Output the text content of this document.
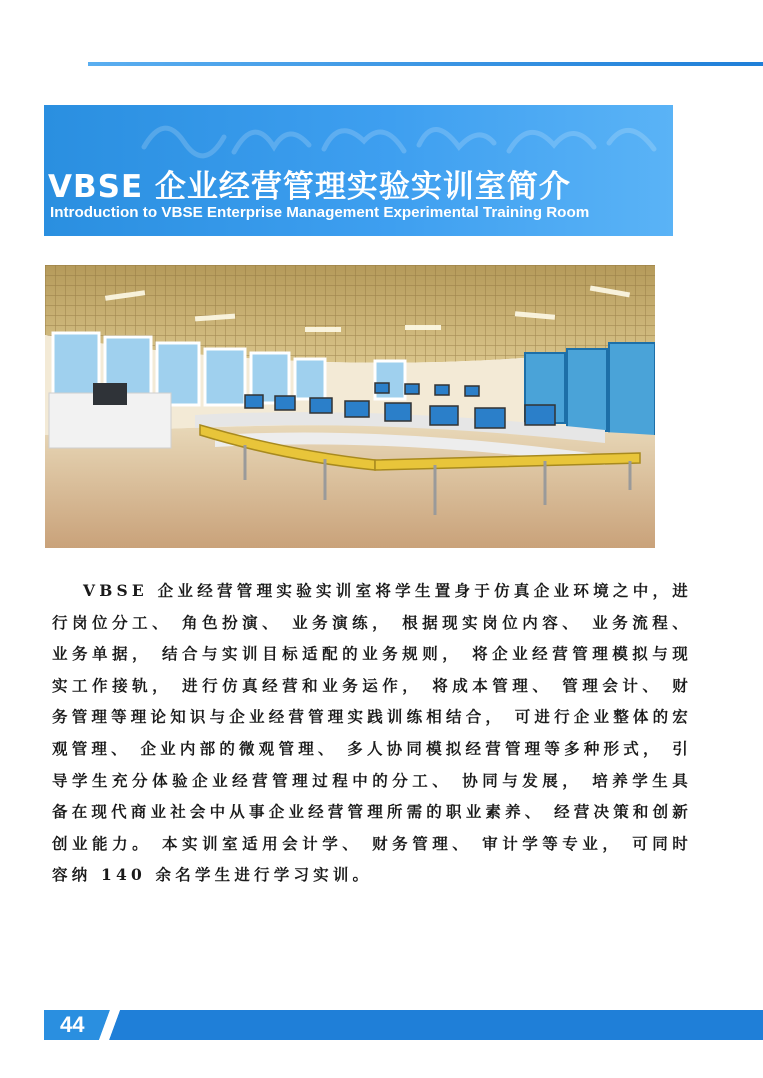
VBSE 企业经营管理实验实训室简介
Introduction to VBSE Enterprise Management Experimental Training Room

VBSE 企业经营管理实验实训室将学生置身于仿真企业环境之中，进行岗位分工、 角色扮演、 业务演练， 根据现实岗位内容、 业务流程、 业务单据， 结合与实训目标适配的业务规则， 将企业经营管理模拟与现实工作接轨， 进行仿真经营和业务运作， 将成本管理、 管理会计、 财务管理等理论知识与企业经营管理实践训练相结合， 可进行企业整体的宏观管理、 企业内部的微观管理、 多人协同模拟经营管理等多种形式， 引导学生充分体验企业经营管理过程中的分工、 协同与发展， 培养学生具备在现代商业社会中从事企业经营管理所需的职业素养、 经营决策和创新创业能力。 本实训室适用会计学、 财务管理、 审计学等专业， 可同时容纳 140 余名学生进行学习实训。

44
